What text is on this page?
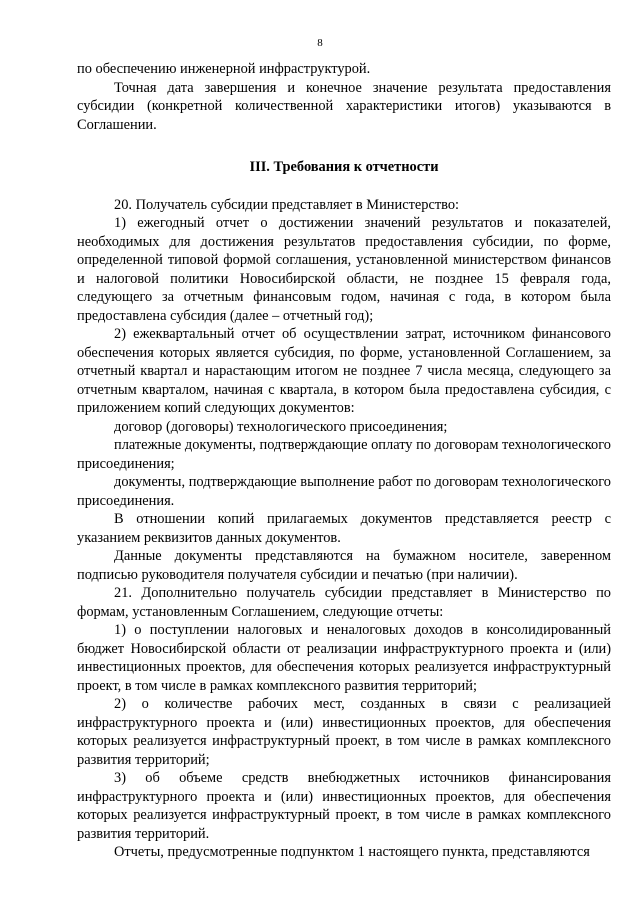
8

по обеспечению инженерной инфраструктурой.

Точная дата завершения и конечное значение результата предоставления субсидии (конкретной количественной характеристики итогов) указываются в Соглашении.

III. Требования к отчетности

20. Получатель субсидии представляет в Министерство:

1) ежегодный отчет о достижении значений результатов и показателей, необходимых для достижения результатов предоставления субсидии, по форме, определенной типовой формой соглашения, установленной министерством финансов и налоговой политики Новосибирской области, не позднее 15 февраля года, следующего за отчетным финансовым годом, начиная с года, в котором была предоставлена субсидия (далее – отчетный год);

2) ежеквартальный отчет об осуществлении затрат, источником финансового обеспечения которых является субсидия, по форме, установленной Соглашением, за отчетный квартал и нарастающим итогом не позднее 7 числа месяца, следующего за отчетным кварталом, начиная с квартала, в котором была предоставлена субсидия, с приложением копий следующих документов:

договор (договоры) технологического присоединения;

платежные документы, подтверждающие оплату по договорам технологического присоединения;

документы, подтверждающие выполнение работ по договорам технологического присоединения.

В отношении копий прилагаемых документов представляется реестр с указанием реквизитов данных документов.

Данные документы представляются на бумажном носителе, заверенном подписью руководителя получателя субсидии и печатью (при наличии).

21. Дополнительно получатель субсидии представляет в Министерство по формам, установленным Соглашением, следующие отчеты:

1) о поступлении налоговых и неналоговых доходов в консолидированный бюджет Новосибирской области от реализации инфраструктурного проекта и (или) инвестиционных проектов, для обеспечения которых реализуется инфраструктурный проект, в том числе в рамках комплексного развития территорий;

2) о количестве рабочих мест, созданных в связи с реализацией инфраструктурного проекта и (или) инвестиционных проектов, для обеспечения которых реализуется инфраструктурный проект, в том числе в рамках комплексного развития территорий;

3) об объеме средств внебюджетных источников финансирования инфраструктурного проекта и (или) инвестиционных проектов, для обеспечения которых реализуется инфраструктурный проект, в том числе в рамках комплексного развития территорий.

Отчеты, предусмотренные подпунктом 1 настоящего пункта, представляются
